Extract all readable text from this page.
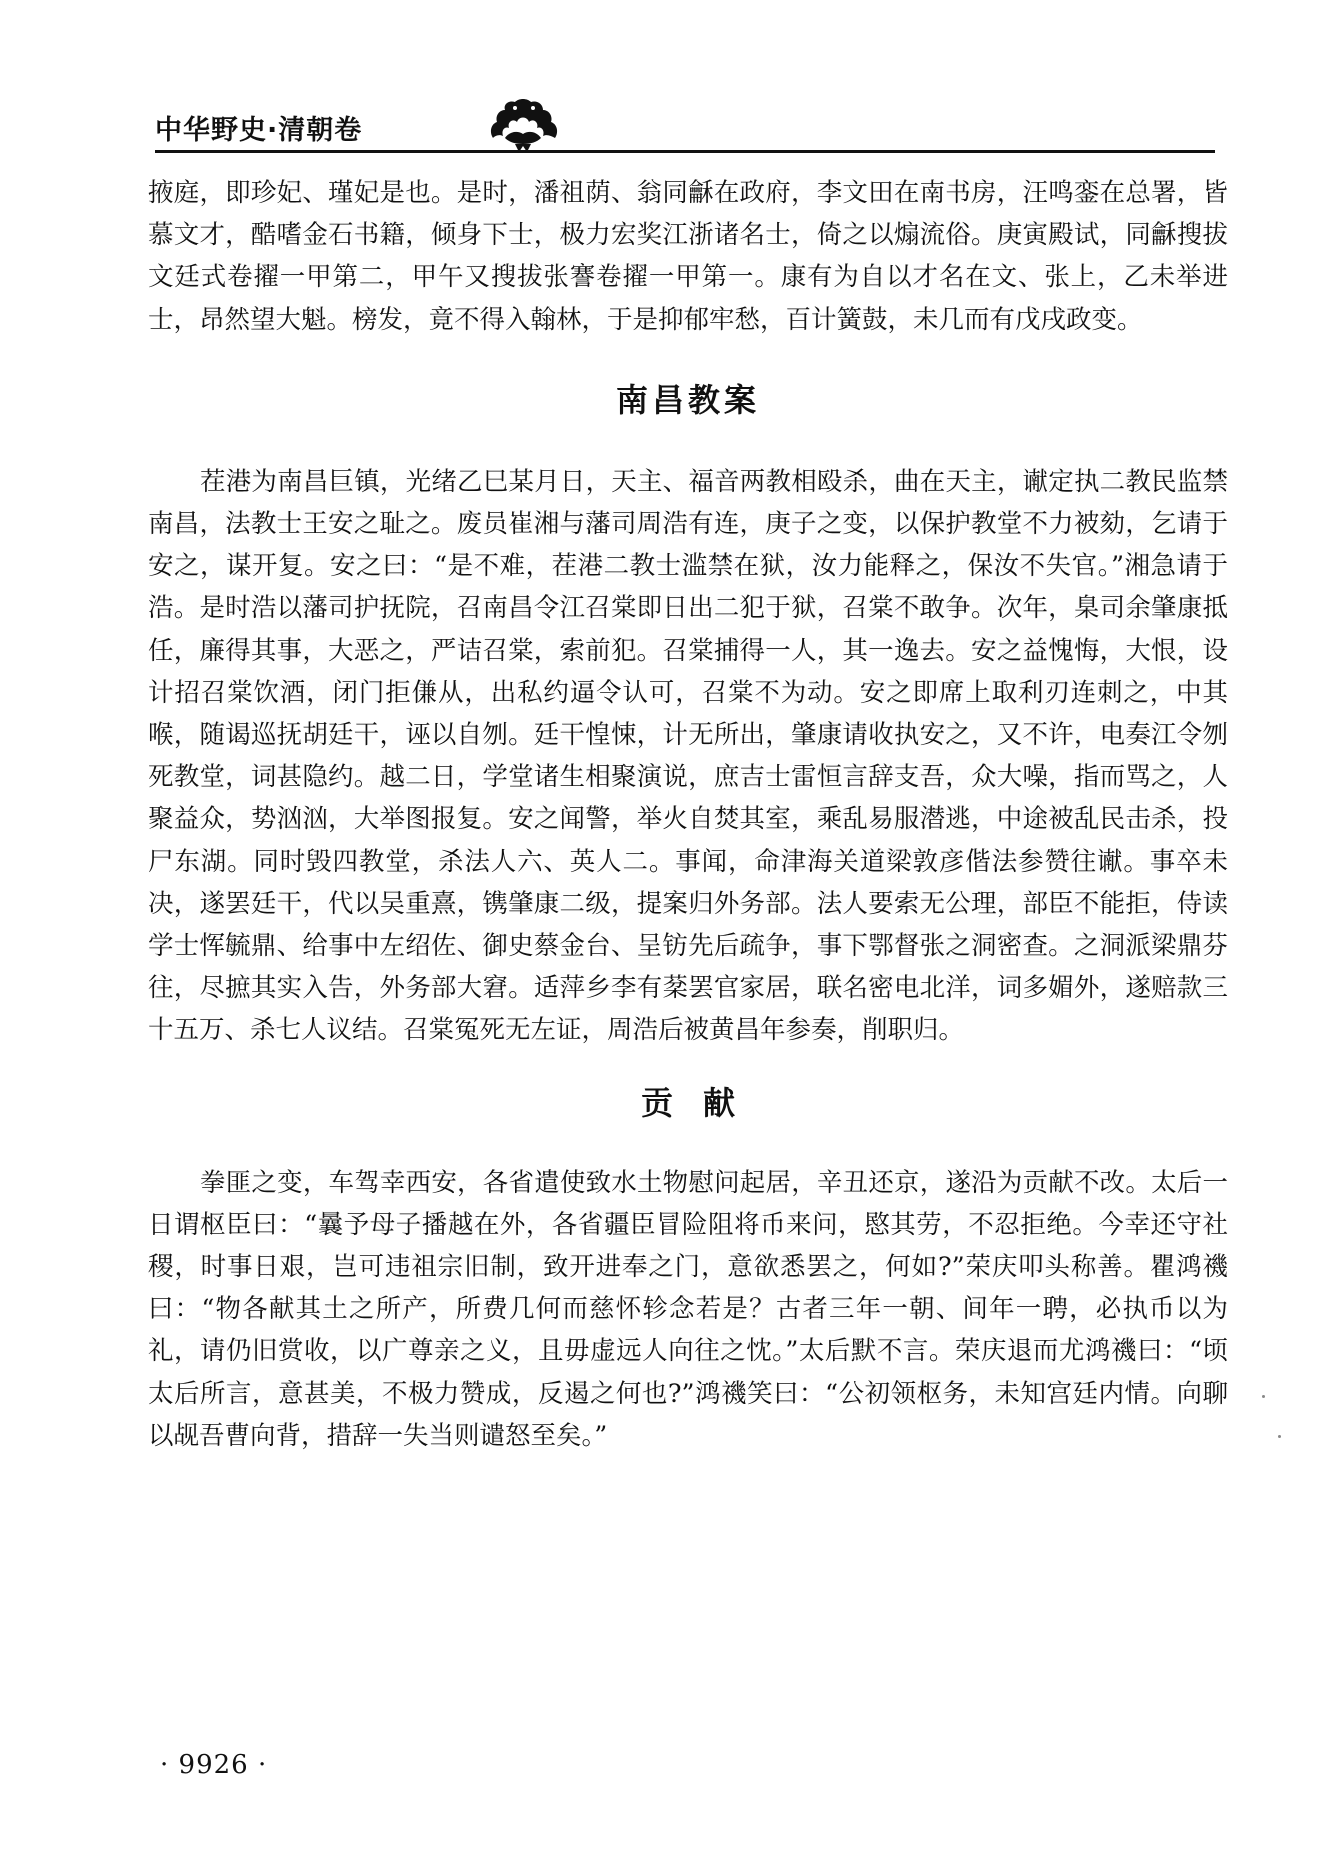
中华野史·清朝卷

掖庭，即珍妃、瑾妃是也。是时，潘祖荫、翁同龢在政府，李文田在南书房，汪鸣銮在总署，皆慕文才，酷嗜金石书籍，倾身下士，极力宏奖江浙诸名士，倚之以煽流俗。庚寅殿试，同龢搜拔文廷式卷擢一甲第二，甲午又搜拔张謇卷擢一甲第一。康有为自以才名在文、张上，乙未举进士，昂然望大魁。榜发，竟不得入翰林，于是抑郁牢愁，百计簧鼓，未几而有戊戌政变。

南昌教案

茬港为南昌巨镇，光绪乙巳某月日，天主、福音两教相殴杀，曲在天主，谳定执二教民监禁南昌，法教士王安之耻之。废员崔湘与藩司周浩有连，庚子之变，以保护教堂不力被劾，乞请于安之，谋开复。安之曰：“是不难，茬港二教士滥禁在狱，汝力能释之，保汝不失官。”湘急请于浩。是时浩以藩司护抚院，召南昌令江召棠即日出二犯于狱，召棠不敢争。次年，臬司余肇康抵任，廉得其事，大恶之，严诘召棠，索前犯。召棠捕得一人，其一逸去。安之益愧悔，大恨，设计招召棠饮酒，闭门拒傔从，出私约逼令认可，召棠不为动。安之即席上取利刃连刺之，中其喉，随谒巡抚胡廷干，诬以自刎。廷干惶悚，计无所出，肇康请收执安之，又不许，电奏江令刎死教堂，词甚隐约。越二日，学堂诸生相聚演说，庶吉士雷恒言辞支吾，众大噪，指而骂之，人聚益众，势汹汹，大举图报复。安之闻警，举火自焚其室，乘乱易服潜逃，中途被乱民击杀，投尸东湖。同时毁四教堂，杀法人六、英人二。事闻，命津海关道梁敦彦偕法参赞往谳。事卒未决，遂罢廷干，代以吴重熹，镌肇康二级，提案归外务部。法人要索无公理，部臣不能拒，侍读学士恽毓鼎、给事中左绍佐、御史蔡金台、呈钫先后疏争，事下鄂督张之洞密查。之洞派梁鼎芬往，尽摭其实入告，外务部大窘。适萍乡李有棻罢官家居，联名密电北洋，词多媚外，遂赔款三十五万、杀七人议结。召棠冤死无左证，周浩后被黄昌年参奏，削职归。

贡献

拳匪之变，车驾幸西安，各省遣使致水土物慰问起居，辛丑还京，遂沿为贡献不改。太后一日谓枢臣曰：“曩予母子播越在外，各省疆臣冒险阻将币来问，愍其劳，不忍拒绝。今幸还守社稷，时事日艰，岂可违祖宗旧制，致开进奉之门，意欲悉罢之，何如?”荣庆叩头称善。瞿鸿禨曰：“物各献其土之所产，所费几何而慈怀轸念若是？古者三年一朝、间年一聘，必执币以为礼，请仍旧赏收，以广尊亲之义，且毋虚远人向往之忱。”太后默不言。荣庆退而尤鸿禨曰：“顷太后所言，意甚美，不极力赞成，反遏之何也?”鸿禨笑曰：“公初领枢务，未知宫廷内情。向聊以觇吾曹向背，措辞一失当则谴怒至矣。”

· 9926 ·
